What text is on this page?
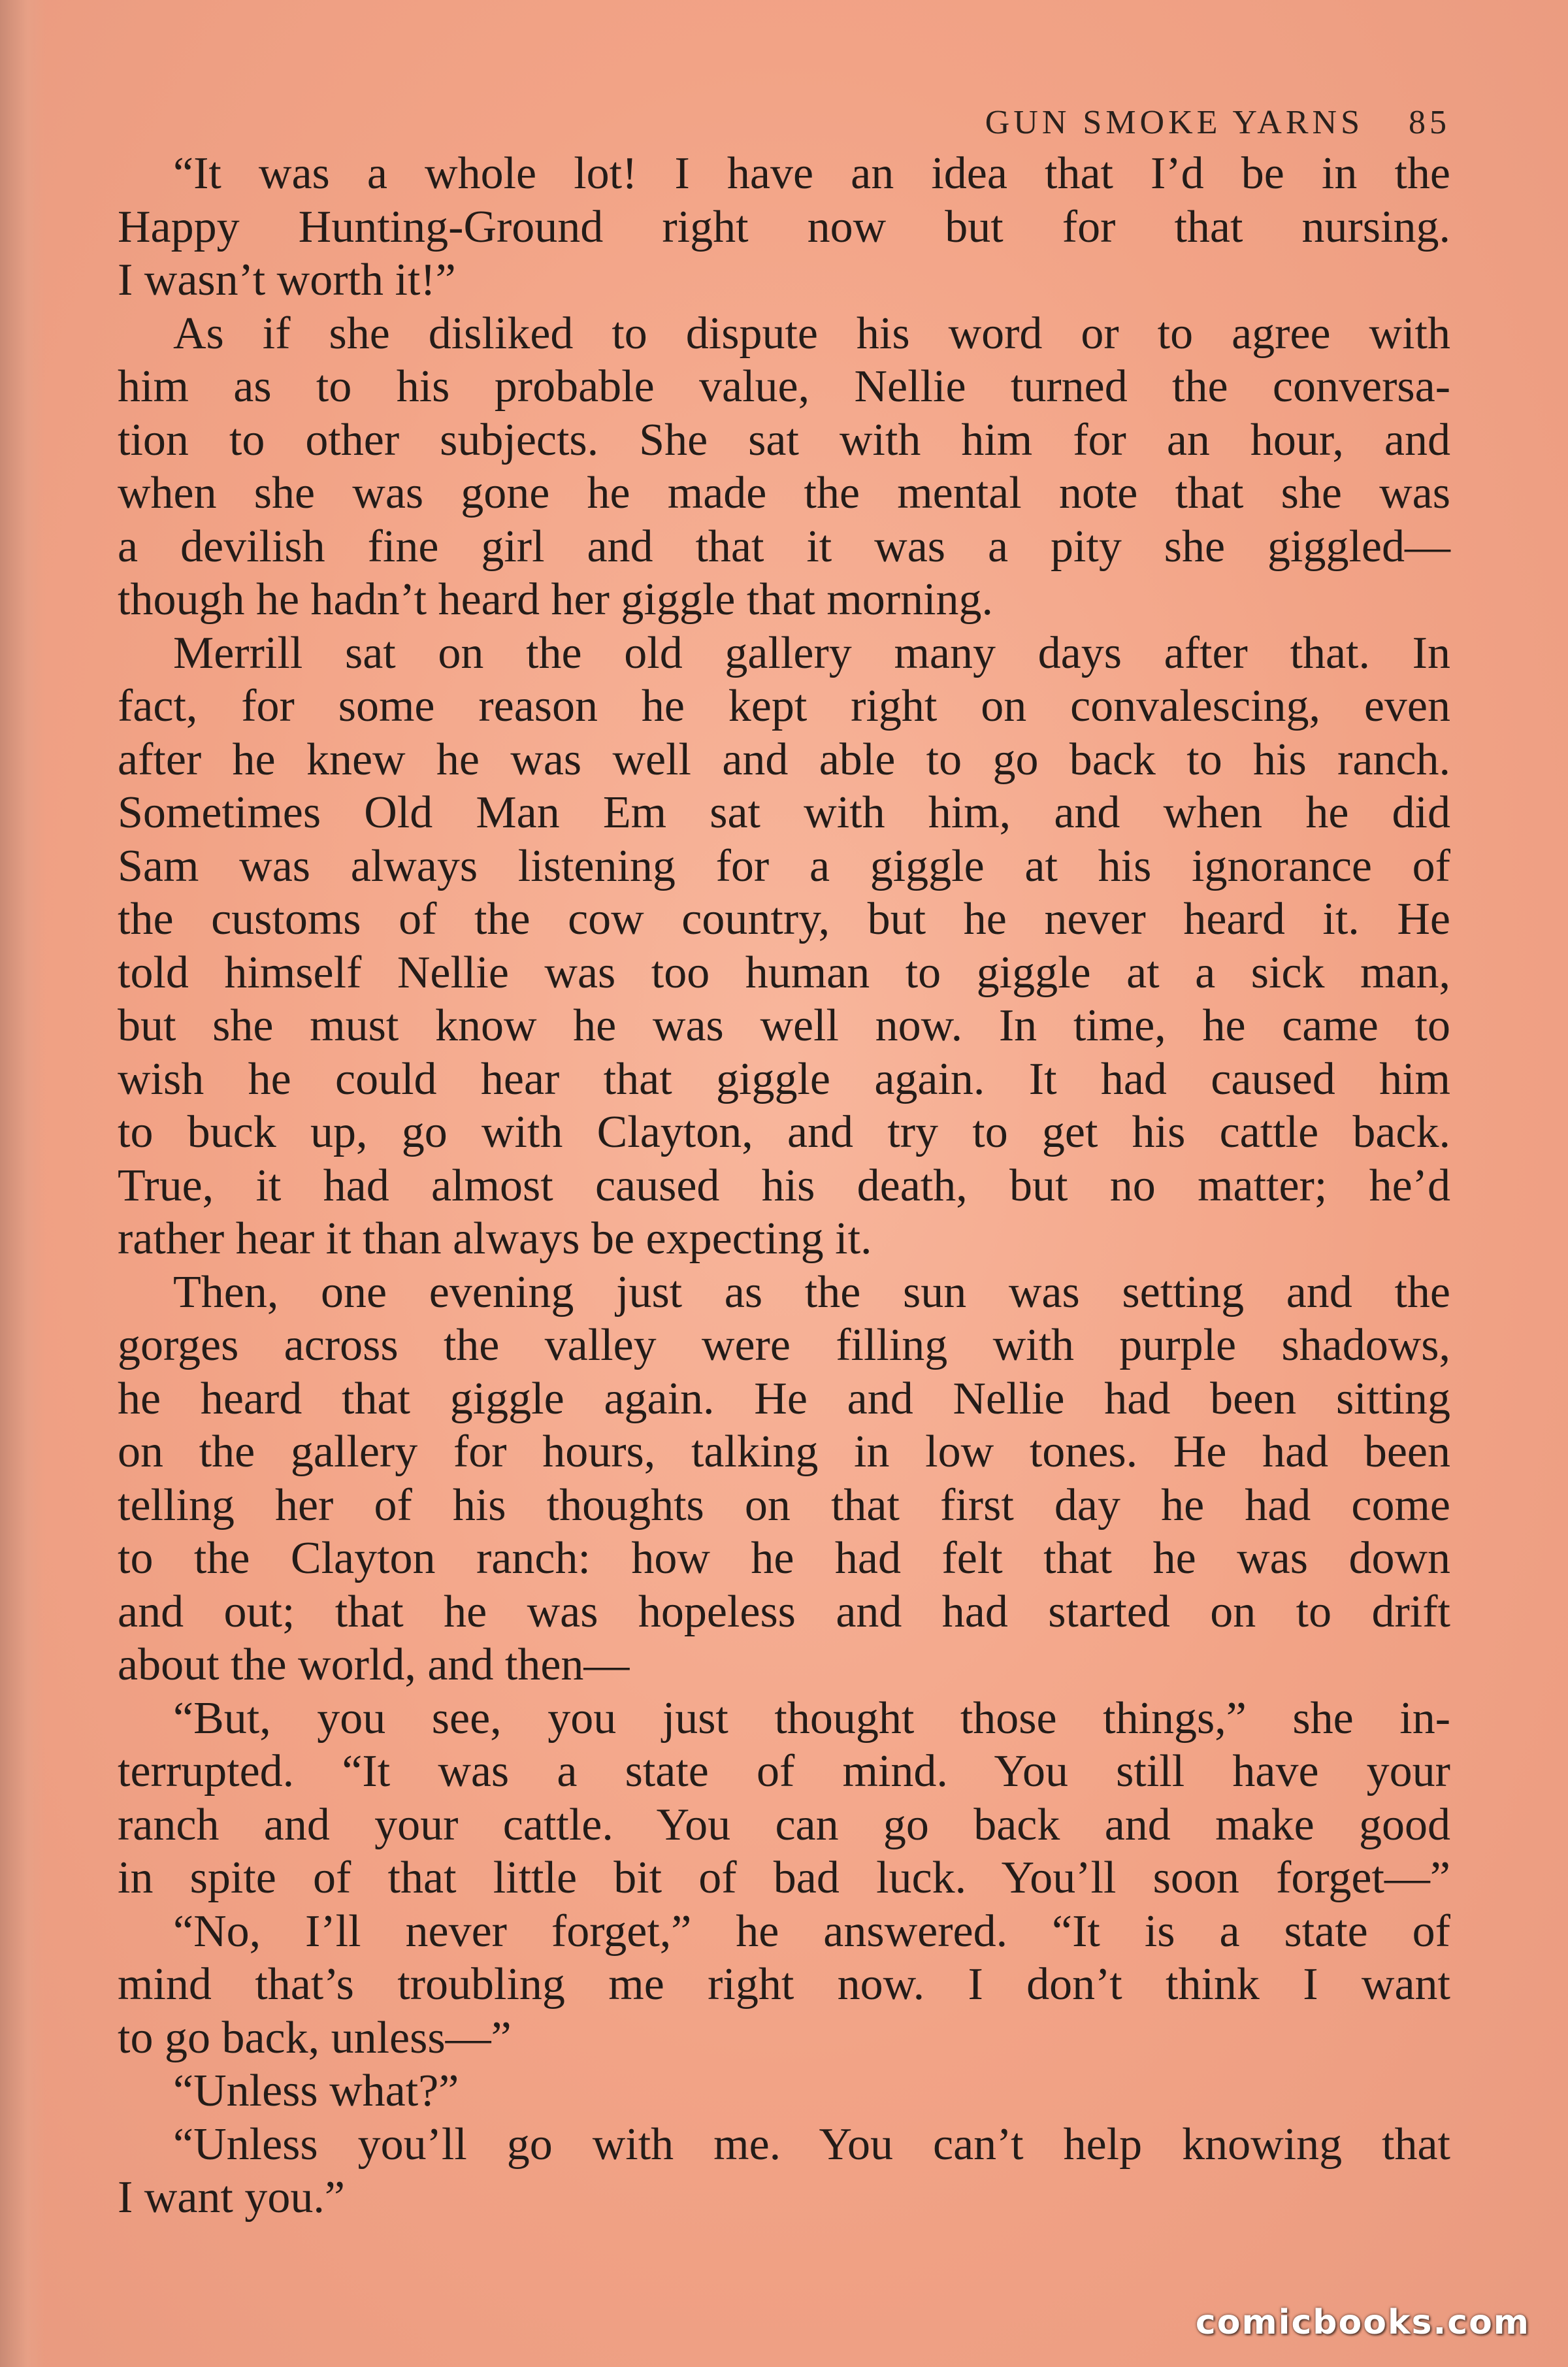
GUN SMOKE YARNS 85
“It was a whole lot! I have an idea that I’d be in the
Happy Hunting-Ground right now but for that nursing.
I wasn’t worth it!”
As if she disliked to dispute his word or to agree with
him as to his probable value, Nellie turned the conversa-
tion to other subjects. She sat with him for an hour, and
when she was gone he made the mental note that she was
a devilish fine girl and that it was a pity she giggled—
though he hadn’t heard her giggle that morning.
Merrill sat on the old gallery many days after that. In
fact, for some reason he kept right on convalescing, even
after he knew he was well and able to go back to his ranch.
Sometimes Old Man Em sat with him, and when he did
Sam was always listening for a giggle at his ignorance of
the customs of the cow country, but he never heard it. He
told himself Nellie was too human to giggle at a sick man,
but she must know he was well now. In time, he came to
wish he could hear that giggle again. It had caused him
to buck up, go with Clayton, and try to get his cattle back.
True, it had almost caused his death, but no matter; he’d
rather hear it than always be expecting it.
Then, one evening just as the sun was setting and the
gorges across the valley were filling with purple shadows,
he heard that giggle again. He and Nellie had been sitting
on the gallery for hours, talking in low tones. He had been
telling her of his thoughts on that first day he had come
to the Clayton ranch: how he had felt that he was down
and out; that he was hopeless and had started on to drift
about the world, and then—
“But, you see, you just thought those things,” she in-
terrupted. “It was a state of mind. You still have your
ranch and your cattle. You can go back and make good
in spite of that little bit of bad luck. You’ll soon forget—”
“No, I’ll never forget,” he answered. “It is a state of
mind that’s troubling me right now. I don’t think I want
to go back, unless—”
“Unless what?”
“Unless you’ll go with me. You can’t help knowing that
I want you.”
comicbooks.com
